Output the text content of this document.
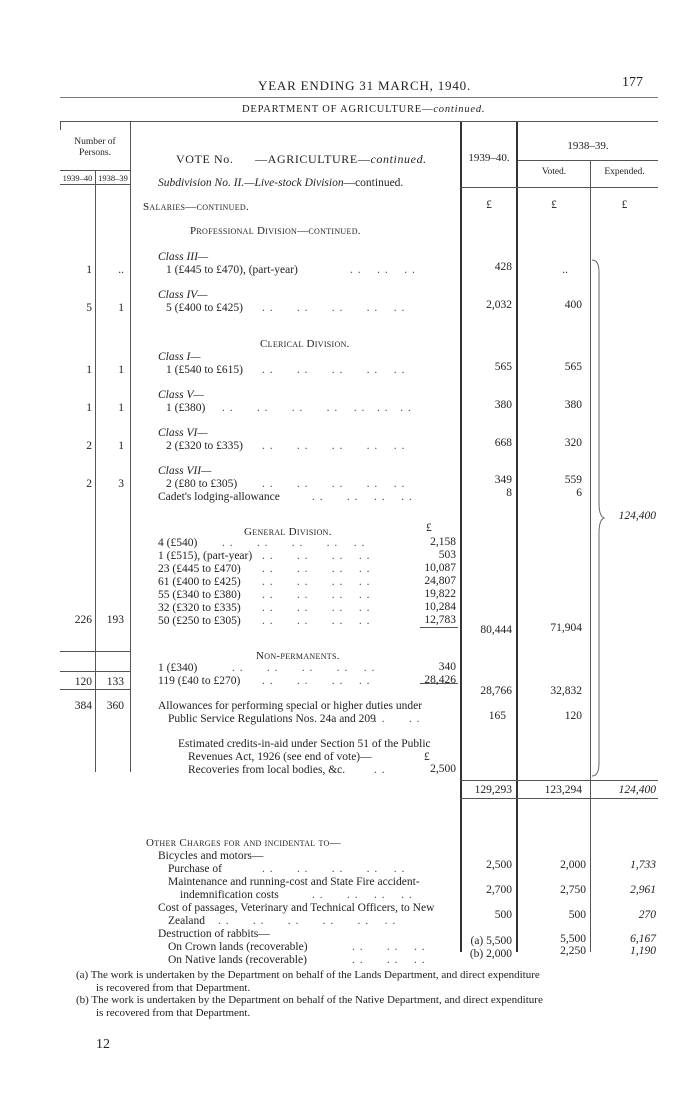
YEAR ENDING 31 MARCH, 1940.	177
DEPARTMENT OF AGRICULTURE—continued.
Number of Persons.
1939–40 1938–39
1939–40.
1938–39.
Voted.	Expended.
VOTE No. —AGRICULTURE—continued.
Subdivision No. II.—Live-stock Division—continued.
£	£	£
Salaries—continued.
Professional Division—continued.
Class III—
1 (£445 to £470), (part-year)	. .    . .    . .
1	..	428	..
Class IV—
5 (£400 to £425) . .      . .      . .      . .    . .
5	1	2,032	400
Clerical Division.
Class I—
1 (£540 to £615) . .      . .      . .      . .    . .
1	1	565	565
Class V—
1 (£380) . .      . .      . .      . .    . .   . .   . .
1	1	380	380
Class VI—
2 (£320 to £335) . .      . .      . .      . .    . .
2	1	668	320
Class VII—
2 (£80 to £305) . .      . .      . .      . .    . .
2	3	349	559
Cadet's lodging-allowance	. .      . .    . .    . .	8	6
124,400
General Division.	£
4 (£540) . .      . .      . .      . .    . .	2,158
1 (£515), (part-year) . .      . .      . .    . .	503
23 (£445 to £470) . .      . .      . .    . .	10,087
61 (£400 to £425) . .      . .      . .    . .	24,807
55 (£340 to £380) . .      . .      . .    . .	19,822
32 (£320 to £335) . .      . .      . .    . .	10,284
50 (£250 to £305) . .      . .      . .    . .	12,783
226	193
80,444	71,904
Non-permanents.
1 (£340)	. .      . .      . .      . .    . .	340
119 (£40 to £270) . .      . .      . .    . .	28,426
120	133
28,766	32,832
384	360	Allowances for performing special or higher duties under
Public Service Regulations Nos. 24a and 209
. .      . .	165	120
Estimated credits-in-aid under Section 51 of the Public
Revenues Act, 1926 (see end of vote)—	£
Recoveries from local bodies, &c.	. .	2,500
129,293	123,294	124,400
Other Charges for and incidental to—
Bicycles and motors—
Purchase of	. .      . .      . .      . .    . .	2,500	2,000	1,733
Maintenance and running-cost and State Fire accident-
indemnification costs	. .      . .    . .    . .	2,700	2,750	2,961
Cost of passages, Veterinary and Technical Officers, to New
Zealand . .      . .      . .      . .      . .    . .	500	500	270
Destruction of rabbits—
On Crown lands (recoverable)	. .      . .    . .	(a) 5,500	5,500	6,167
On Native lands (recoverable)	. .      . .    . .	(b) 2,000	2,250	1,190
(a) The work is undertaken by the Department on behalf of the Lands Department, and direct expenditure
is recovered from that Department.
(b) The work is undertaken by the Department on behalf of the Native Department, and direct expenditure
is recovered from that Department.
12
